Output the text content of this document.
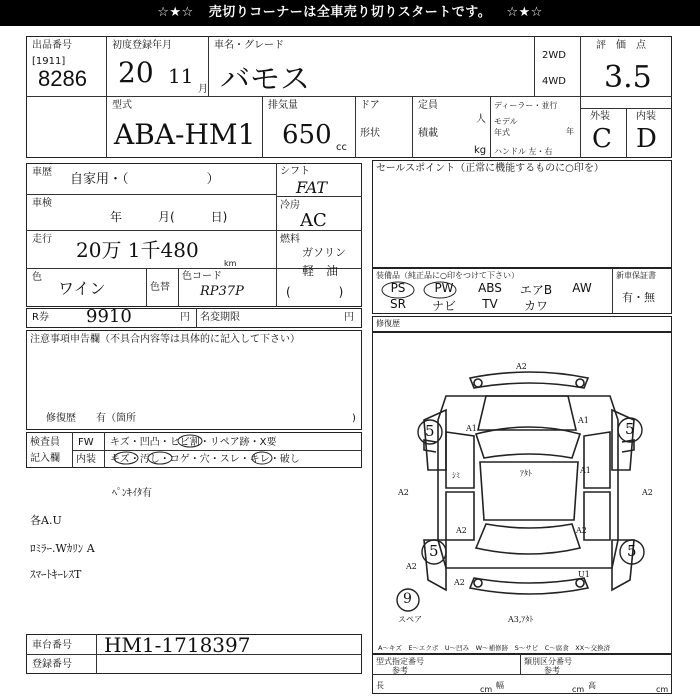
☆★☆ 売切りコーナーは全車売り切りスタートです。 ☆★☆
出品番号
[1911]
8286
初度登録年月
20 11
月
車名・グレード
バモス
2WD
4WD
評　価　点
3.5
外装	内装
C D
型式
ABA-HM1
排気量
650 cc
ドア
形状
定員
人
積載
kg
ディーラー・並行
モデル
年式	年
ハンドル 左・右
車歴 自家用・（　　　　　　）
車検
年　　　月(　　　日)
走行 20万 1千480
km
色
ワイン	色替
色コード
RP37P
シフト
FAT
冷房
AC
燃料
ガソリン
軽　油
(　　　　)
R券 9910	円 名変期限	円
注意事項申告欄（不具合内容等は具体的に記入して下さい）
修復歴　　有（箇所	)
検査員
記入欄
FW キズ・凹凸・ヒビ割・リペア跡・X要
内装 キズ・汚し・コゲ・穴・スレ・キレ・破し
ﾍﾟﾝｷｲﾀ有
各A.U
ﾛﾐﾗｰ.Wｶﾘﾝ A
ｽﾏｰﾄｷｰﾚｽT
車台番号 HM1-1718397
登録番号
セールスポイント（正常に機能するものに○印を）
装備品（純正品に○印をつけて下さい）	新車保証書
有・無
PS	PW	ABS	エアB	AW
SR	ナビ	TV	カワ
修復歴
A2
A1
A1
A2	A2
A2	A2
U1
A2
A2
A3,ｱﾀﾄ
ｼﾐ	ｱﾀﾄ	A1
5	5
5	5
9
スペア
A～キズ　E～エクボ　U～凹み　W～補修跡　S～サビ　C～腐食　XX～交換済
型式指定番号
参考
類別区分番号
参考
長	cm 幅	cm 高	cm
